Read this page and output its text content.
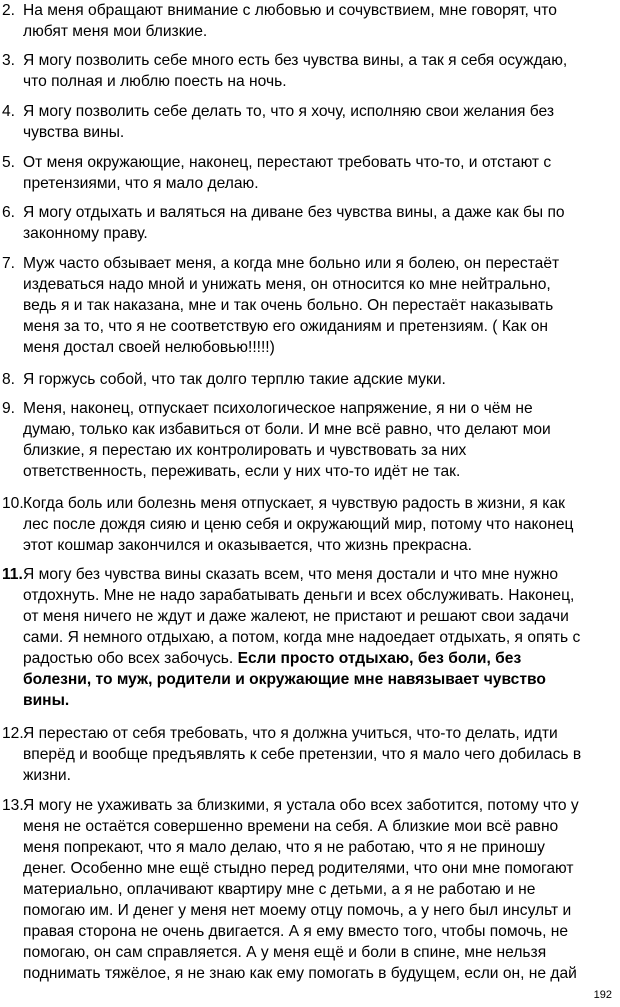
2. На меня обращают внимание с любовью и сочувствием, мне говорят, что
любят меня мои близкие.
3. Я могу позволить себе много есть без чувства вины, а так я себя осуждаю,
что полная и люблю поесть на ночь.
4. Я могу позволить себе делать то, что я хочу, исполняю свои желания без
чувства вины.
5. От меня окружающие, наконец, перестают требовать что-то, и отстают с
претензиями, что я мало делаю.
6. Я могу отдыхать и валяться на диване без чувства вины, а даже как бы по
законному праву.
7. Муж часто обзывает меня, а когда мне больно или я болею, он перестаёт
издеваться надо мной и унижать меня, он относится ко мне нейтрально,
ведь я и так наказана, мне и так очень больно. Он перестаёт наказывать
меня за то, что я не соответствую его ожиданиям и претензиям. ( Как он
меня достал своей нелюбовью!!!!!)
8. Я горжусь собой, что так долго терплю такие адские муки.
9. Меня, наконец, отпускает психологическое напряжение, я ни о чём не
думаю, только как избавиться от боли. И мне всё равно, что делают мои
близкие, я перестаю их контролировать и чувствовать за них
ответственность, переживать, если у них что-то идёт не так.
10. Когда боль или болезнь меня отпускает, я чувствую радость в жизни, я как
лес после дождя сияю и ценю себя и окружающий мир, потому что наконец
этот кошмар закончился и оказывается, что жизнь прекрасна.
11. Я могу без чувства вины сказать всем, что меня достали и что мне нужно
отдохнуть. Мне не надо зарабатывать деньги и всех обслуживать. Наконец,
от меня ничего не ждут и даже жалеют, не пристают и решают свои задачи
сами. Я немного отдыхаю, а потом, когда мне надоедает отдыхать, я опять с
радостью обо всех забочусь. Если просто отдыхаю, без боли, без
болезни, то муж, родители и окружающие мне навязывает чувство
вины.
12. Я перестаю от себя требовать, что я должна учиться, что-то делать, идти
вперёд и вообще предъявлять к себе претензии, что я мало чего добилась в
жизни.
13. Я могу не ухаживать за близкими, я устала обо всех заботится, потому что у
меня не остаётся совершенно времени на себя. А близкие мои всё равно
меня попрекают, что я мало делаю, что я не работаю, что я не приношу
денег. Особенно мне ещё стыдно перед родителями, что они мне помогают
материально, оплачивают квартиру мне с детьми, а я не работаю и не
помогаю им. И денег у меня нет моему отцу помочь, а у него был инсульт и
правая сторона не очень двигается. А я ему вместо того, чтобы помочь, не
помогаю, он сам справляется. А у меня ещё и боли в спине, мне нельзя
поднимать тяжёлое, я не знаю как ему помогать в будущем, если он, не дай
192
